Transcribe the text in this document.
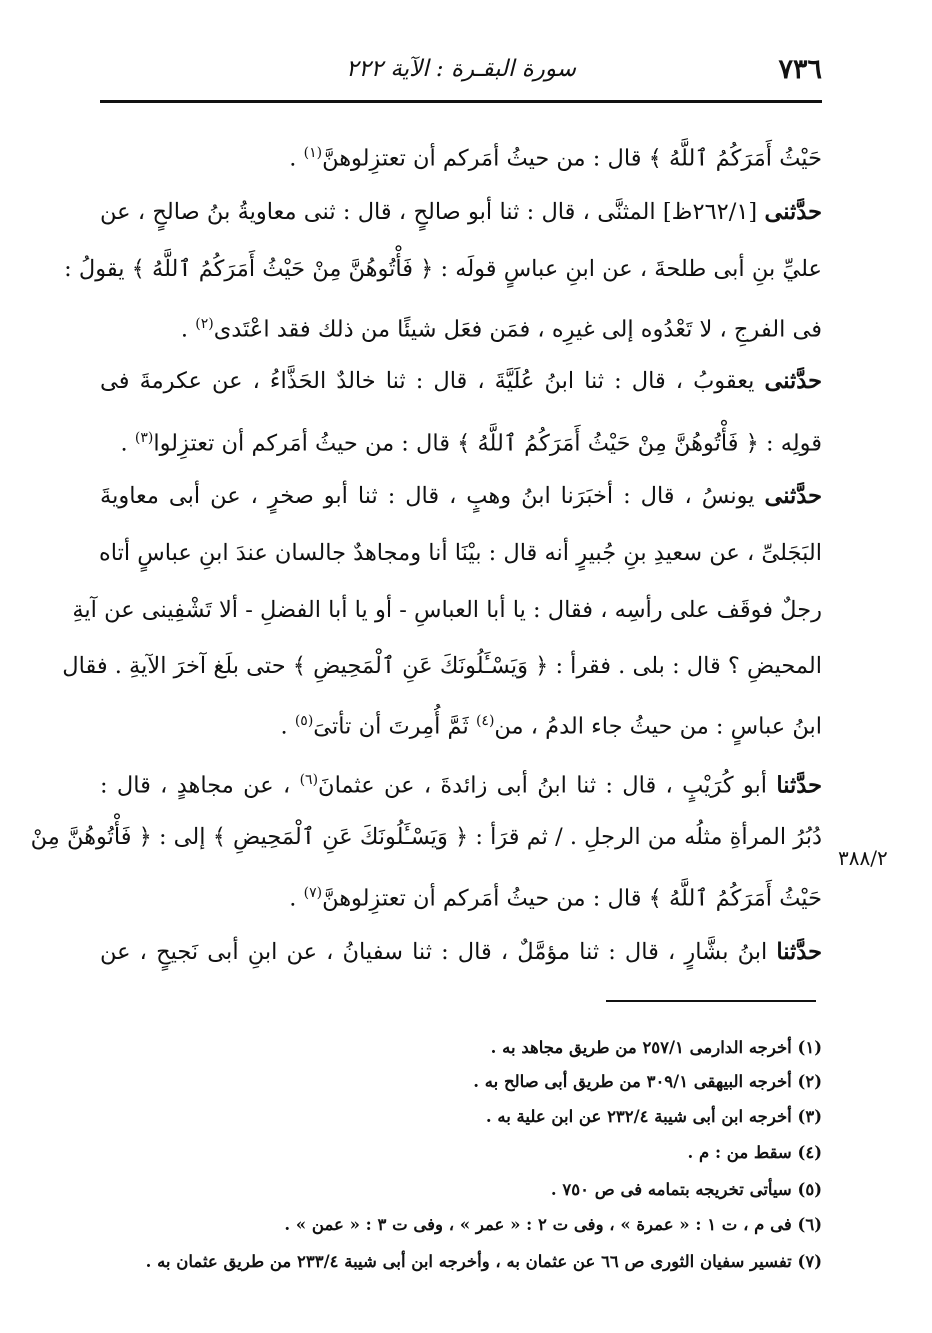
٧٣٦
سورة البقـرة : الآية ٢٢٢
حَيْثُ أَمَرَكُمُ ٱللَّهُ ﴾ قال : من حيثُ أمَركم أن تعتزِلوهنَّ$^{(١)}$ .
حدَّثنى [٢٦٢/١ظ] المثنَّى ، قال : ثنا أبو صالحٍ ، قال : ثنى معاويةُ بنُ صالحٍ ، عن
عليِّ بنِ أبى طلحةَ ، عن ابنِ عباسٍ قولَه : ﴿ فَأْتُوهُنَّ مِنْ حَيْثُ أَمَرَكُمُ ٱللَّهُ ﴾ يقولُ :
فى الفرجِ ، لا تَعْدُوه إلى غيرِه ، فمَن فعَل شيئًا من ذلك فقد اعْتَدى$^{(٢)}$ .
حدَّثنى يعقوبُ ، قال : ثنا ابنُ عُلَيَّةَ ، قال : ثنا خالدٌ الحَذَّاءُ ، عن عكرمةَ فى
قولِه : ﴿ فَأْتُوهُنَّ مِنْ حَيْثُ أَمَرَكُمُ ٱللَّهُ ﴾ قال : من حيثُ أمَركم أن تعتزِلوا$^{(٣)}$ .
حدَّثنى يونسُ ، قال : أخبَرَنا ابنُ وهبٍ ، قال : ثنا أبو صخرٍ ، عن أبى معاويةَ
البَجَلىِّ ، عن سعيدِ بنِ جُبيرٍ أنه قال : بيْنَا أنا ومجاهدٌ جالسان عندَ ابنِ عباسٍ أتاه
رجلٌ فوقَف على رأسِه ، فقال : يا أبا العباسِ - أو يا أبا الفضلِ - ألا تَشْفِينى عن آيةِ
المحيضِ ؟ قال : بلى . فقرأ : ﴿ وَيَسْـَٔلُونَكَ عَنِ ٱلْمَحِيضِ ﴾ حتى بلَغ آخرَ الآيةِ . فقال
ابنُ عباسٍ : من حيثُ جاء الدمُ ، من$^{(٤)}$ ثَمَّ أُمِرتَ أن تأتىَ$^{(٥)}$ .
حدَّثنا أبو كُرَيْبٍ ، قال : ثنا ابنُ أبى زائدةَ ، عن عثمانَ$^{(٦)}$ ، عن مجاهدٍ ، قال :
دُبُرُ المرأةِ مثلُه من الرجلِ . / ثم قرَأ : ﴿ وَيَسْـَٔلُونَكَ عَنِ ٱلْمَحِيضِ ﴾ إلى : ﴿ فَأْتُوهُنَّ مِنْ
حَيْثُ أَمَرَكُمُ ٱللَّهُ ﴾ قال : من حيثُ أمَركم أن تعتزِلوهنَّ$^{(٧)}$ .
حدَّثنا ابنُ بشَّارٍ ، قال : ثنا مؤمَّلٌ ، قال : ثنا سفيانُ ، عن ابنِ أبى نَجيحٍ ، عن
٣٨٨/٢
(١) أخرجه الدارمى ٢٥٧/١ من طريق مجاهد به .
(٢) أخرجه البيهقى ٣٠٩/١ من طريق أبى صالح به .
(٣) أخرجه ابن أبى شيبة ٢٣٢/٤ عن ابن علية به .
(٤) سقط من : م .
(٥) سيأتى تخريجه بتمامه فى ص ٧٥٠ .
(٦) فى م ، ت ١ : « عمرة » ، وفى ت ٢ : « عمر » ، وفى ت ٣ : « عمن » .
(٧) تفسير سفيان الثورى ص ٦٦ عن عثمان به ، وأخرجه ابن أبى شيبة ٢٣٣/٤ من طريق عثمان به .
